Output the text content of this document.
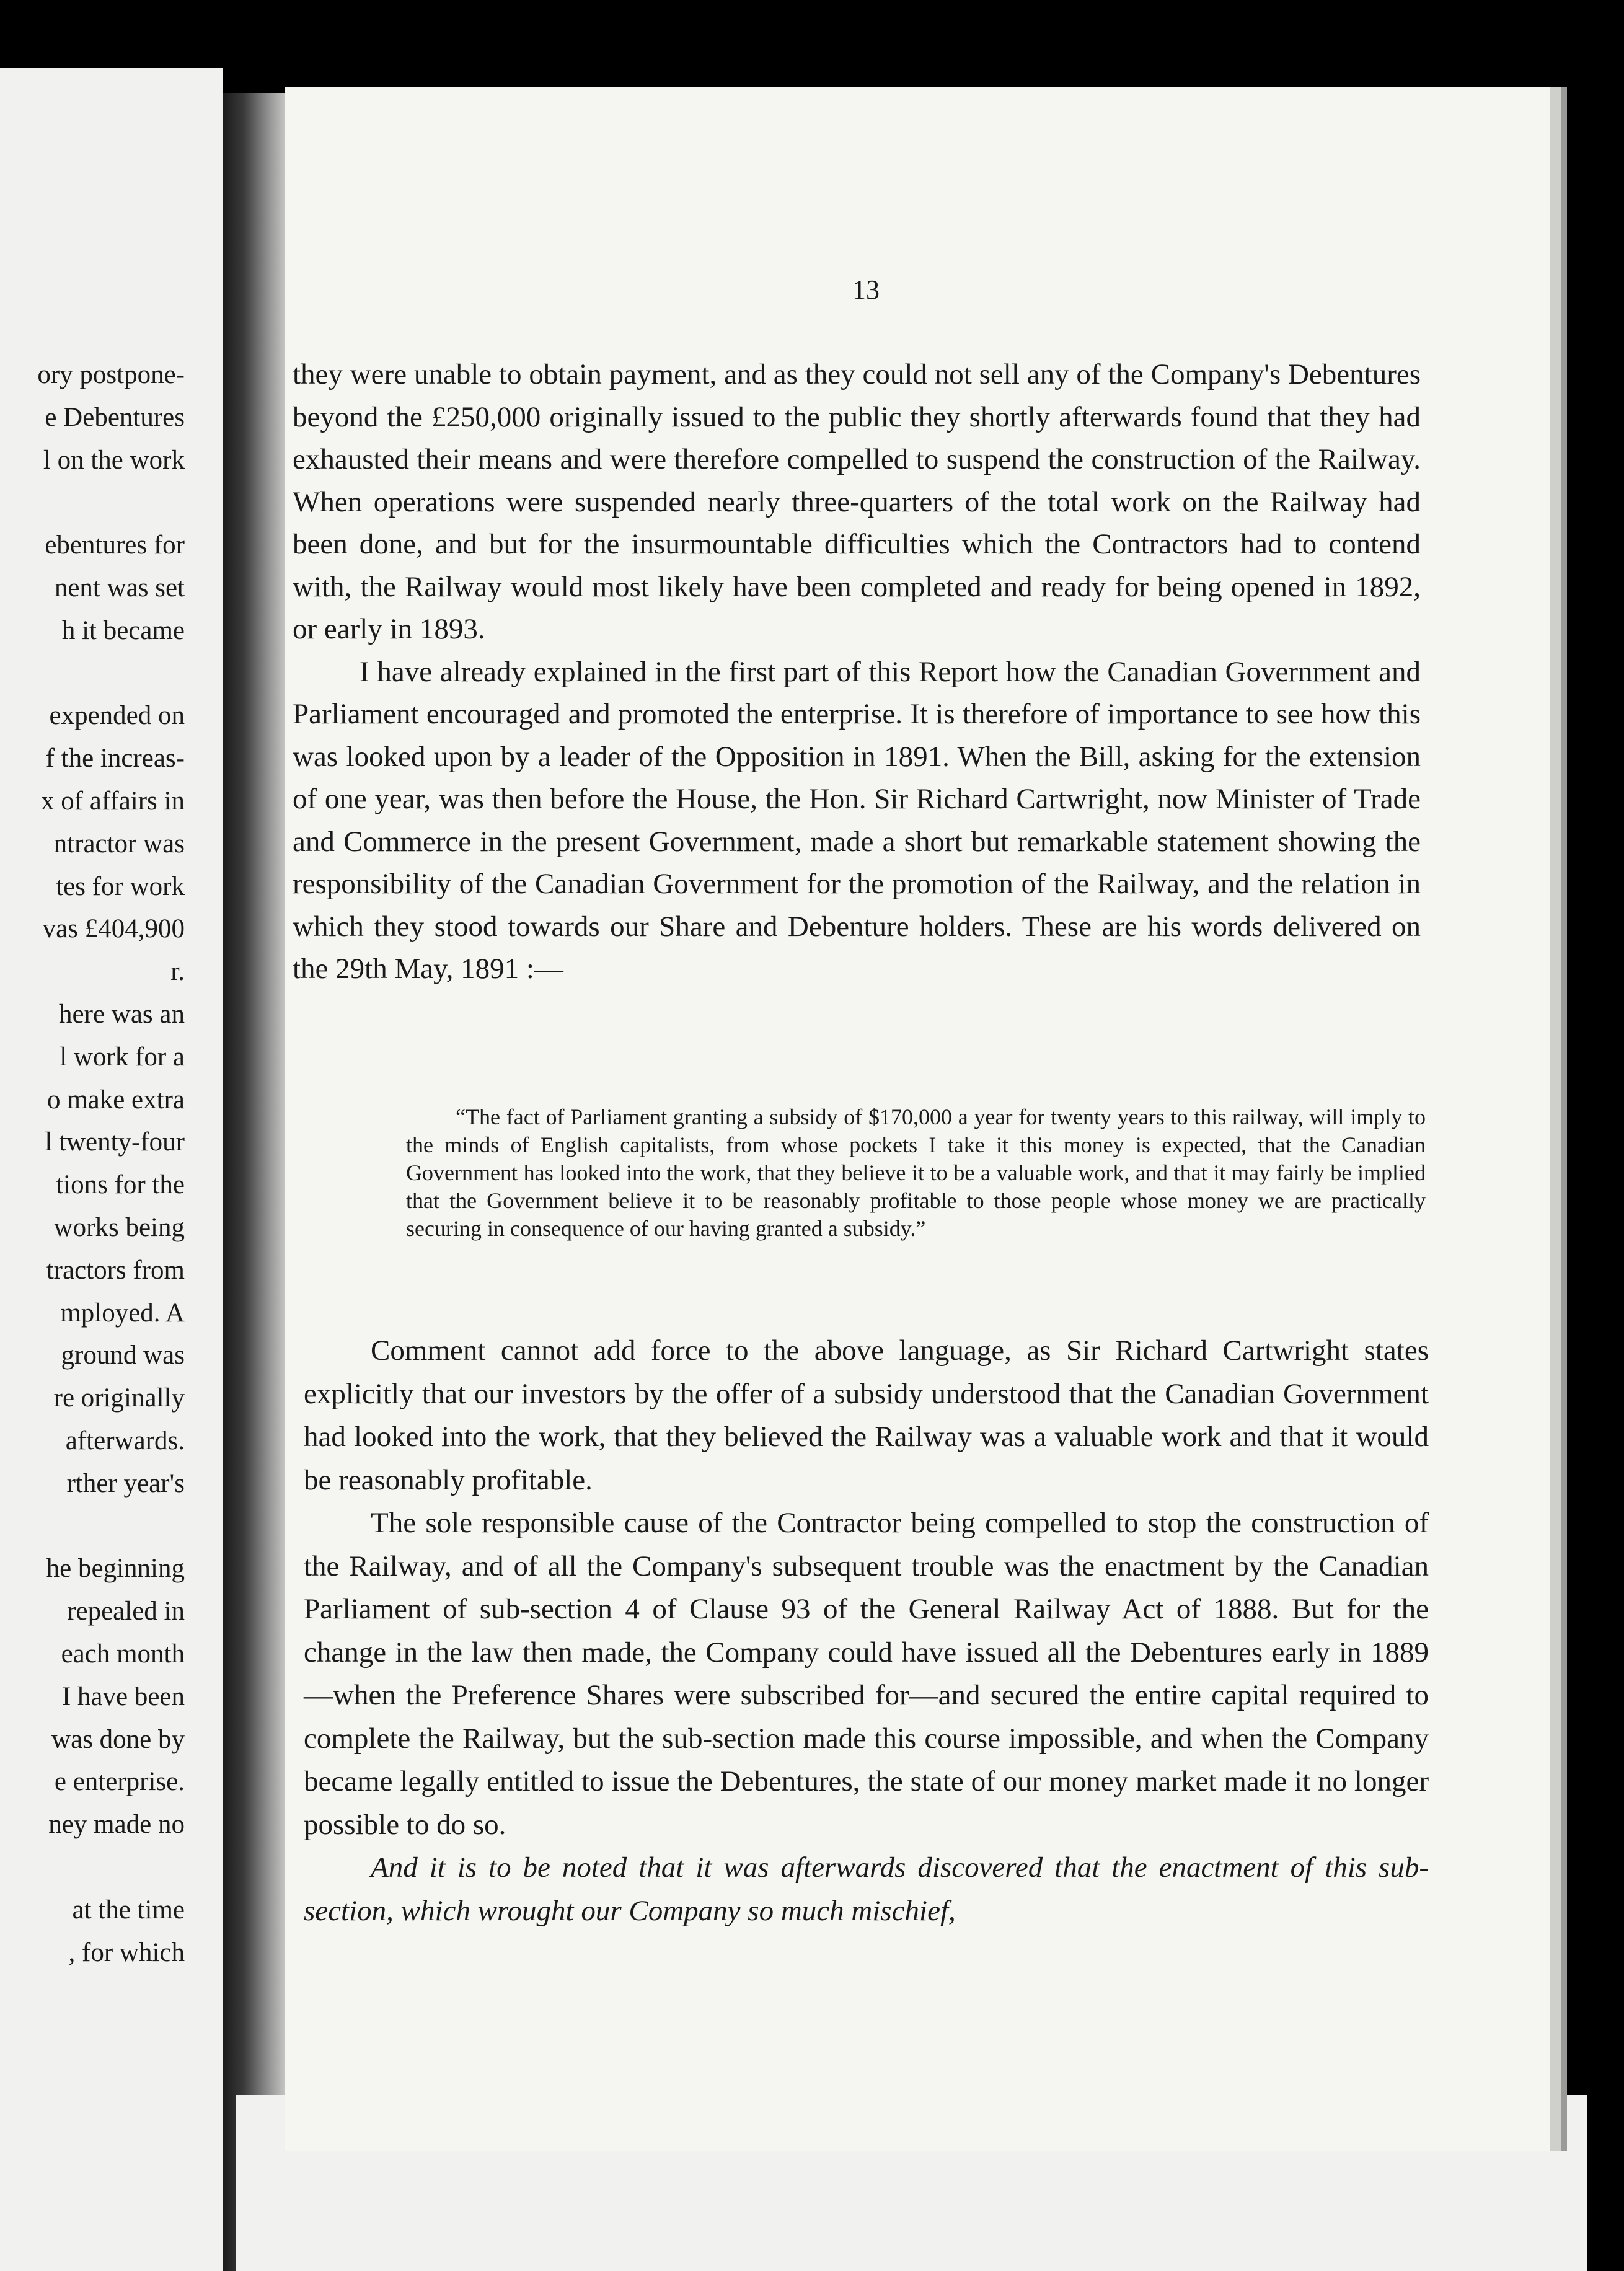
ory postpone-
e Debentures
l on the work
ebentures for
nent was set
h it became
expended on
f the increas-
x of affairs in
ntractor was
tes for work
vas £404,900
r.
here was an
l work for a
o make extra
l twenty-four
tions for the
works being
tractors from
mployed. A
ground was
re originally
afterwards.
rther year's
he beginning
repealed in
each month
I have been
was done by
e enterprise.
ney made no
at the time
, for which
13

they were unable to obtain payment, and as they could not sell any of the Company's Debentures beyond the £250,000 originally issued to the public they shortly afterwards found that they had exhausted their means and were therefore compelled to suspend the construction of the Railway. When operations were suspended nearly three-quarters of the total work on the Railway had been done, and but for the insurmountable difficulties which the Contractors had to contend with, the Railway would most likely have been completed and ready for being opened in 1892, or early in 1893.

I have already explained in the first part of this Report how the Canadian Government and Parliament encouraged and promoted the enterprise. It is therefore of importance to see how this was looked upon by a leader of the Opposition in 1891. When the Bill, asking for the extension of one year, was then before the House, the Hon. Sir Richard Cartwright, now Minister of Trade and Commerce in the present Government, made a short but remarkable statement showing the responsibility of the Canadian Government for the promotion of the Railway, and the relation in which they stood towards our Share and Debenture holders. These are his words delivered on the 29th May, 1891 :—

“The fact of Parliament granting a subsidy of $170,000 a year for twenty years to this railway, will imply to the minds of English capitalists, from whose pockets I take it this money is expected, that the Canadian Government has looked into the work, that they believe it to be a valuable work, and that it may fairly be implied that the Government believe it to be reasonably profitable to those people whose money we are practically securing in consequence of our having granted a subsidy.”

Comment cannot add force to the above language, as Sir Richard Cartwright states explicitly that our investors by the offer of a subsidy understood that the Canadian Government had looked into the work, that they believed the Railway was a valuable work and that it would be reasonably profitable.

The sole responsible cause of the Contractor being compelled to stop the construction of the Railway, and of all the Company's subsequent trouble was the enactment by the Canadian Parliament of sub-section 4 of Clause 93 of the General Railway Act of 1888. But for the change in the law then made, the Company could have issued all the Debentures early in 1889—when the Preference Shares were subscribed for—and secured the entire capital required to complete the Railway, but the sub-section made this course impossible, and when the Company became legally entitled to issue the Debentures, the state of our money market made it no longer possible to do so.

And it is to be noted that it was afterwards discovered that the enactment of this sub-section, which wrought our Company so much mischief,
